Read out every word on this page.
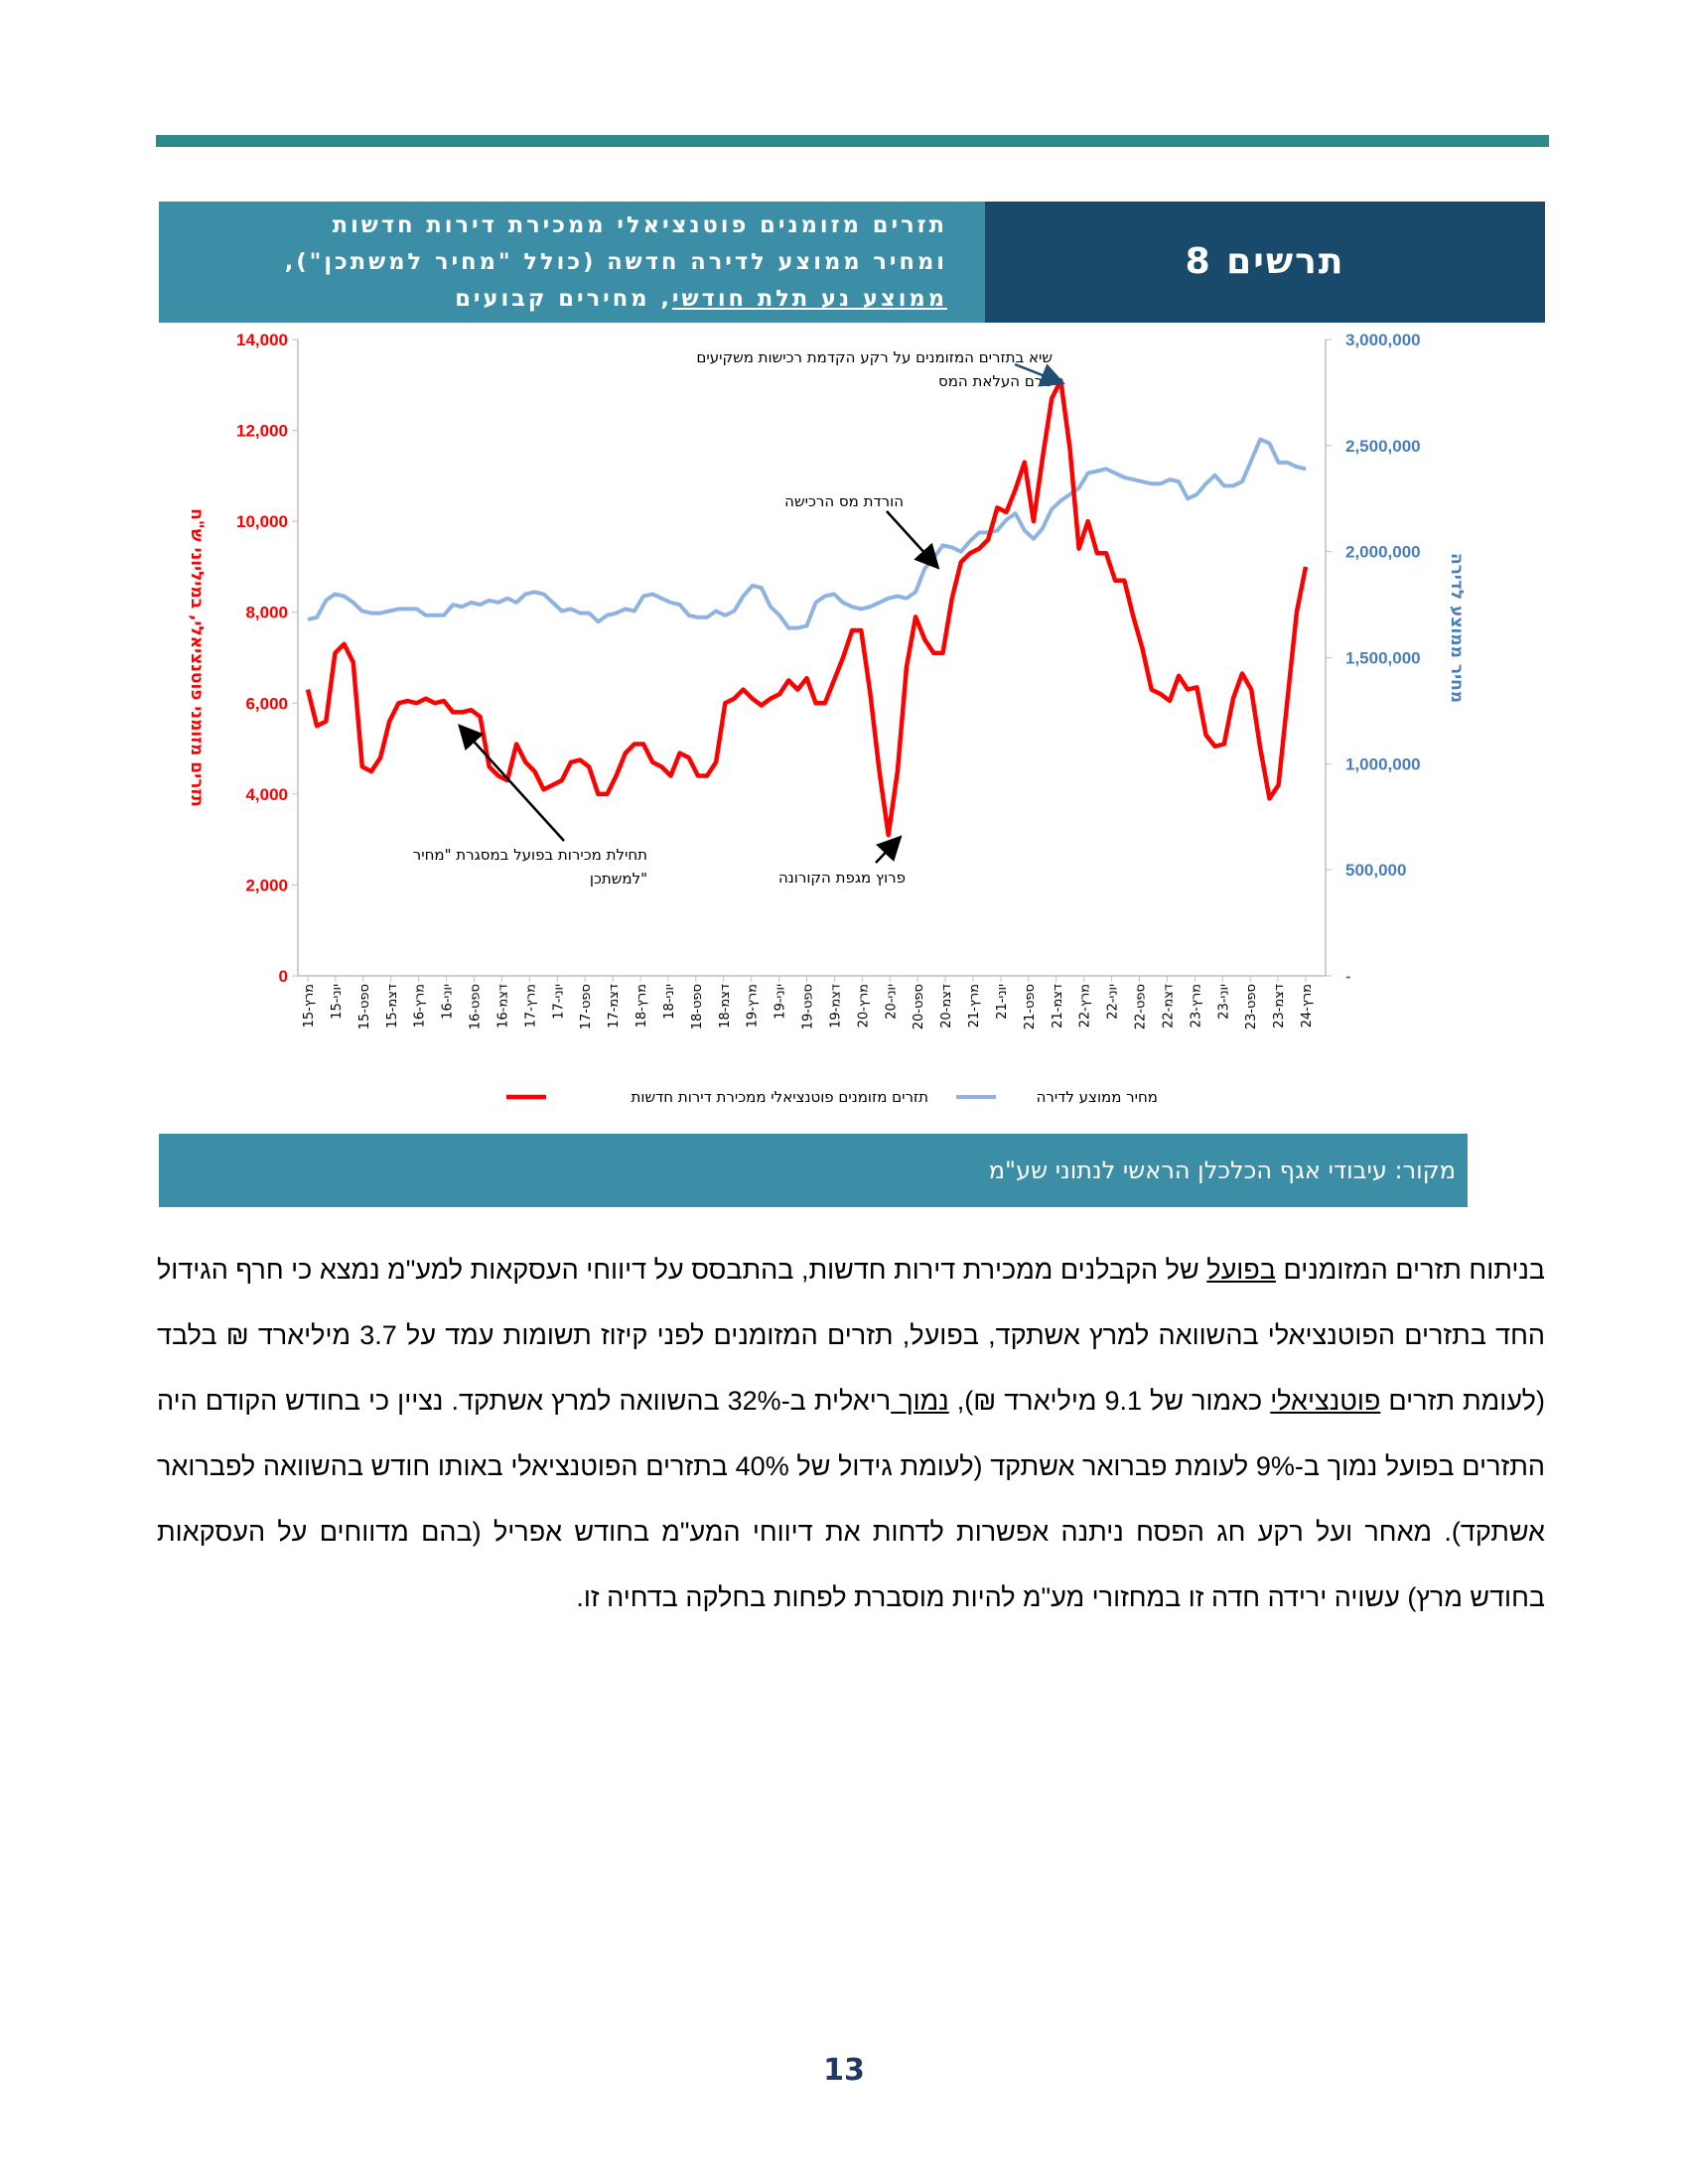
תזרים מזומנים פוטנציאלי ממכירת דירות חדשות
ומחיר ממוצע לדירה חדשה (כולל "מחיר למשתכן"),
ממוצע נע תלת חודשי, מחירים קבועים
תרשים 8
14,000
12,000
10,000
8,000
6,000
4,000
2,000
0
3,000,000
2,500,000
2,000,000
1,500,000
1,000,000
500,000
-
תזרים מזומני פוטנציאלי, במיליוני ש"ח	מחיר ממוצע לדירה
מרץ-15 יוני-15
ספט-15
דצמ-15
מרץ-16 יוני-16
ספט-16
דצמ-16
מרץ-17 יוני-17
ספט-17
דצמ-17
מרץ-18 יוני-18
ספט-18
דצמ-18
מרץ-19 יוני-19
ספט-19
דצמ-19
מרץ-20 יוני-20
ספט-20
דצמ-20
מרץ-21 יוני-21
ספט-21
דצמ-21
מרץ-22 יוני-22
ספט-22
דצמ-22
מרץ-23 יוני-23
ספט-23
דצמ-23
מרץ-24
שיא בתזרים המזומנים על רקע הקדמת רכישות משקיעים
טרם העלאת המס
הורדת מס הרכישה
תחילת מכירות בפועל במסגרת "מחיר
למשתכן"	פרוץ מגפת הקורונה
מחיר ממוצע לדירה
תזרים מזומנים פוטנציאלי ממכירת דירות חדשות
מקור: עיבודי אגף הכלכלן הראשי לנתוני שע"מ
בניתוח תזרים המזומנים בפועל של הקבלנים ממכירת דירות חדשות, בהתבסס על דיווחי העסקאות למע"מ נמצא כי חרף הגידול החד בתזרים הפוטנציאלי בהשוואה למרץ אשתקד, בפועל, תזרים המזומנים לפני קיזוז תשומות עמד על 3.7 מיליארד ₪ בלבד (לעומת תזרים פוטנציאלי כאמור של 9.1 מיליארד ₪), נמוך ריאלית ב-32% בהשוואה למרץ אשתקד. נציין כי בחודש הקודם היה התזרים בפועל נמוך ב-9% לעומת פברואר אשתקד (לעומת גידול של 40% בתזרים הפוטנציאלי באותו חודש בהשוואה לפברואר אשתקד). מאחר ועל רקע חג הפסח ניתנה אפשרות לדחות את דיווחי המע"מ בחודש אפריל (בהם מדווחים על העסקאות בחודש מרץ) עשויה ירידה חדה זו במחזורי מע"מ להיות מוסברת לפחות בחלקה בדחיה זו.
13
